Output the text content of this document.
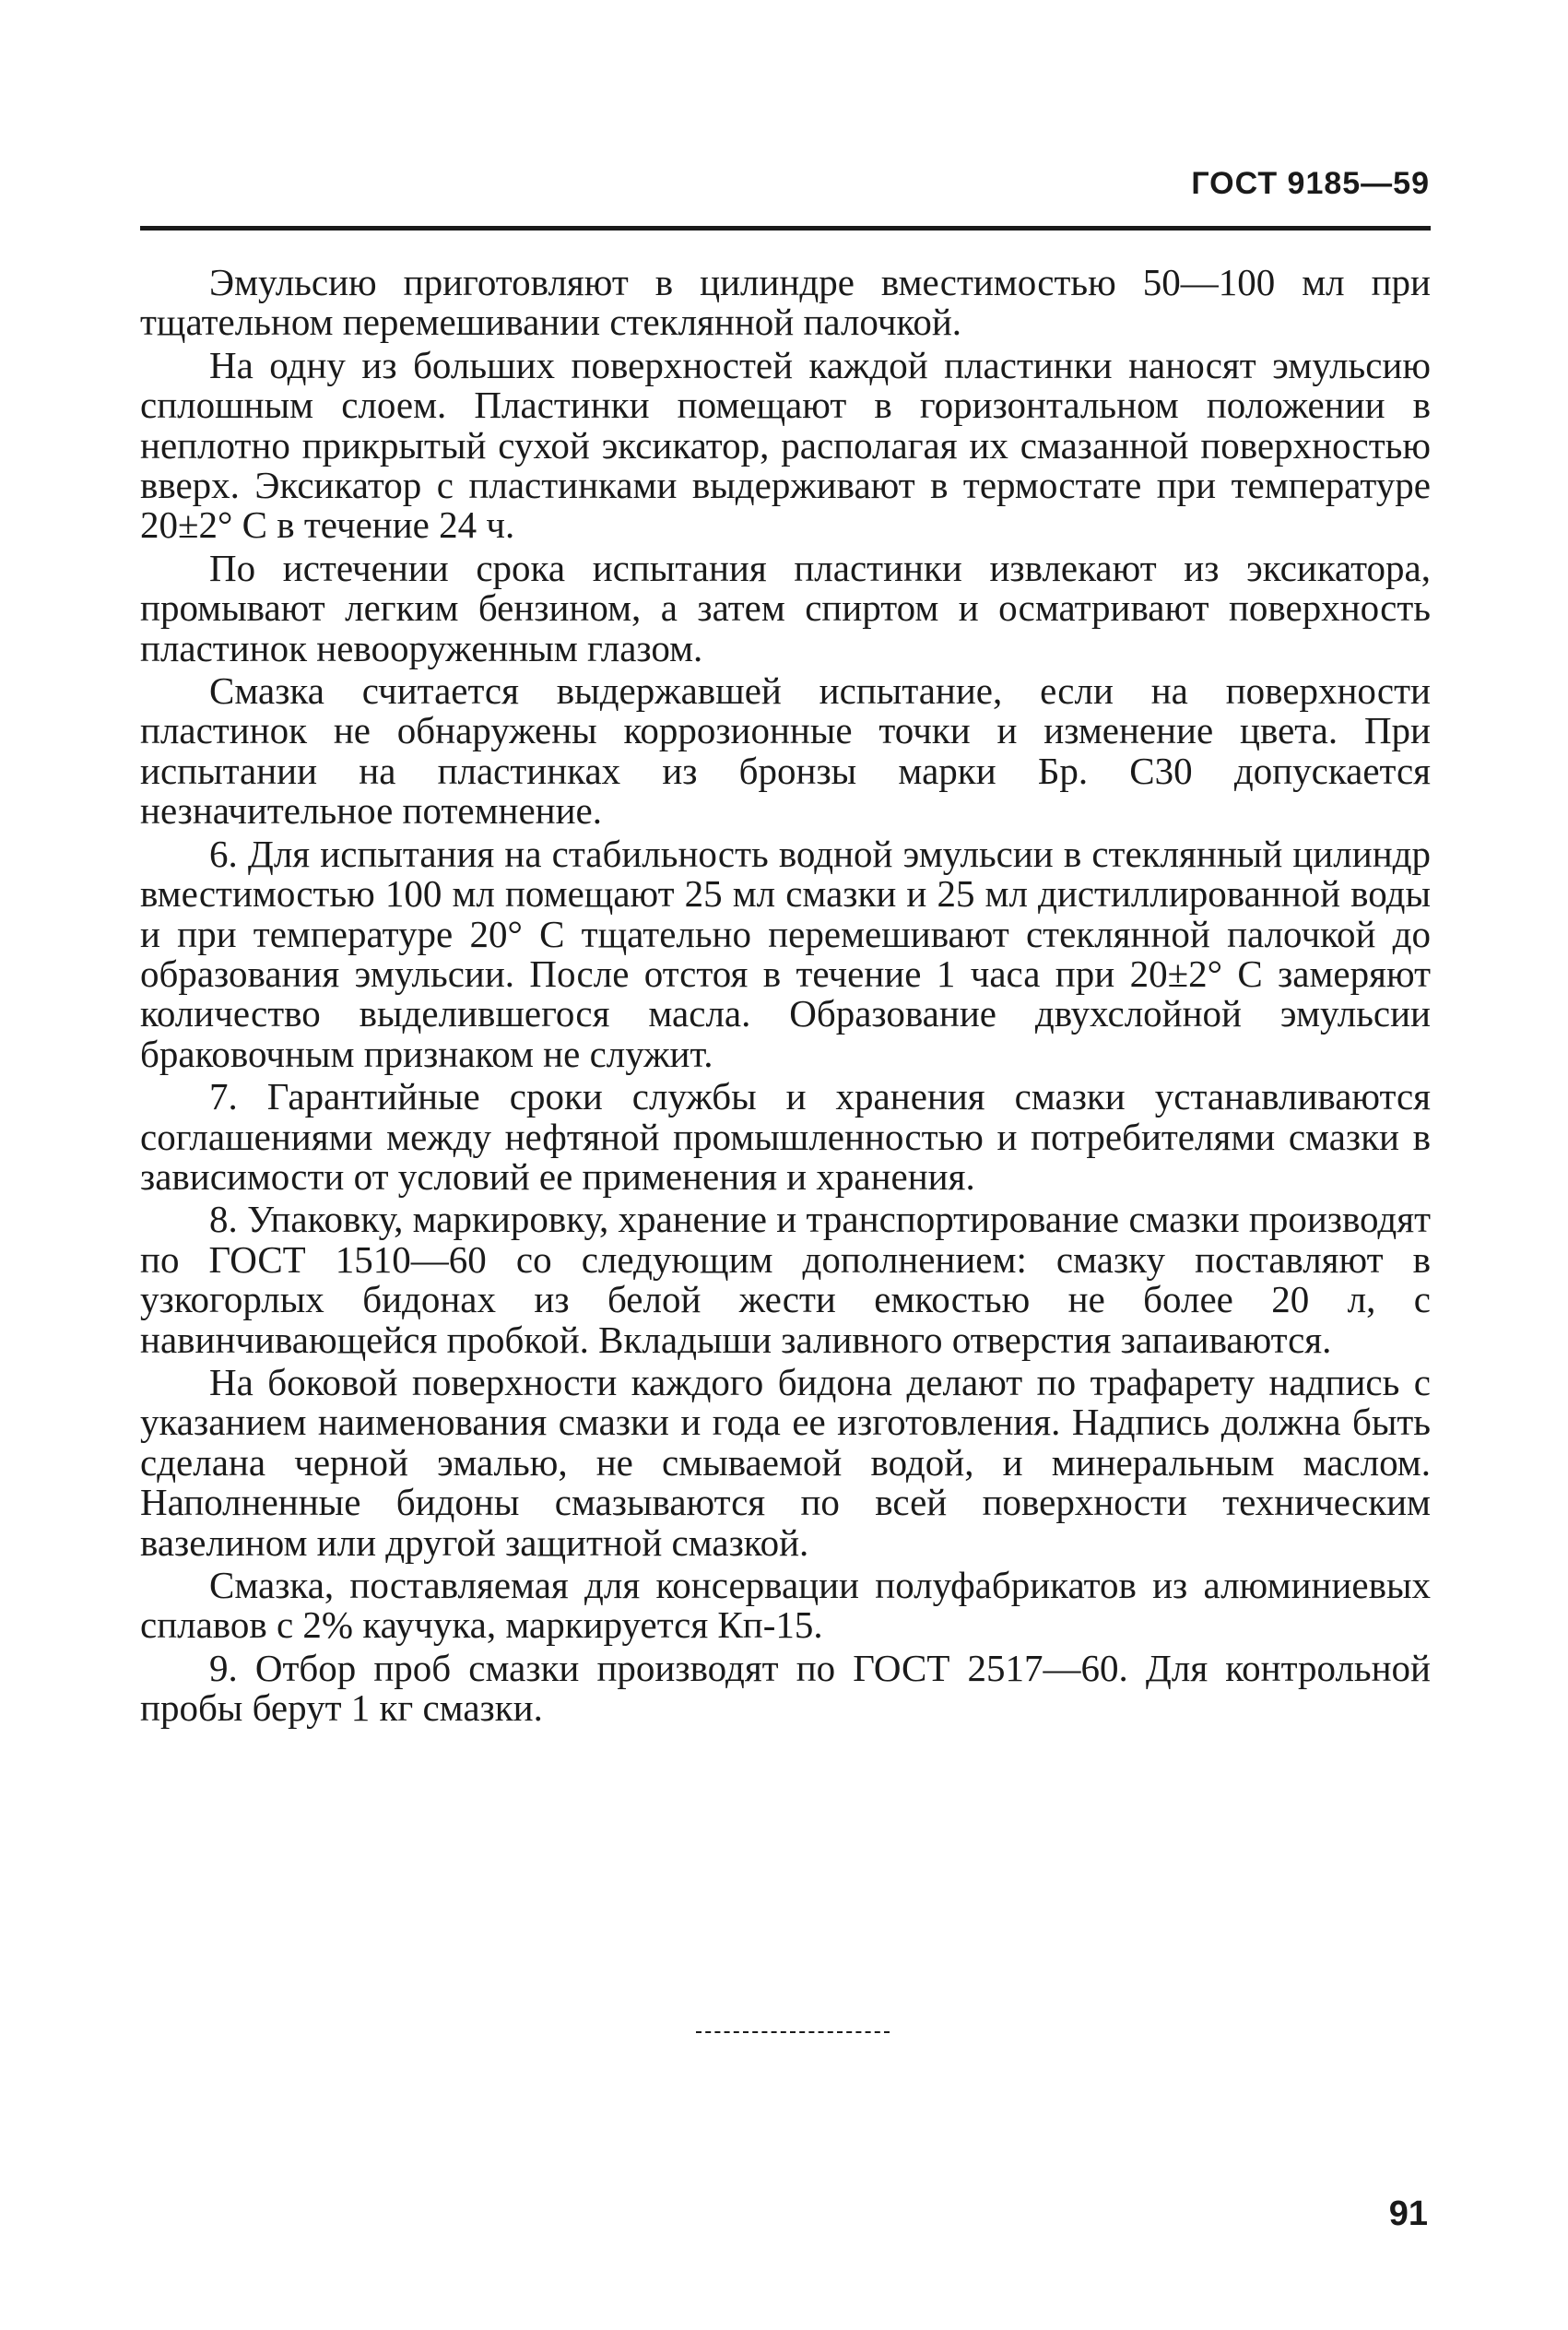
ГОСТ 9185—59

Эмульсию приготовляют в цилиндре вместимостью 50—100 мл при тщательном перемешивании стеклянной палочкой.

На одну из больших поверхностей каждой пластинки наносят эмульсию сплошным слоем. Пластинки помещают в горизонтальном положении в неплотно прикрытый сухой эксикатор, располагая их смазанной поверхностью вверх. Эксикатор с пластинками выдерживают в термостате при температуре 20±2° С в течение 24 ч.

По истечении срока испытания пластинки извлекают из эксикатора, промывают легким бензином, а затем спиртом и осматривают поверхность пластинок невооруженным глазом.

Смазка считается выдержавшей испытание, если на поверхности пластинок не обнаружены коррозионные точки и изменение цвета. При испытании на пластинках из бронзы марки Бр. С30 допускается незначительное потемнение.

6. Для испытания на стабильность водной эмульсии в стеклянный цилиндр вместимостью 100 мл помещают 25 мл смазки и 25 мл дистиллированной воды и при температуре 20° С тщательно перемешивают стеклянной палочкой до образования эмульсии. После отстоя в течение 1 часа при 20±2° С замеряют количество выделившегося масла. Образование двухслойной эмульсии браковочным признаком не служит.

7. Гарантийные сроки службы и хранения смазки устанавливаются соглашениями между нефтяной промышленностью и потребителями смазки в зависимости от условий ее применения и хранения.

8. Упаковку, маркировку, хранение и транспортирование смазки производят по ГОСТ 1510—60 со следующим дополнением: смазку поставляют в узкогорлых бидонах из белой жести емкостью не более 20 л, с навинчивающейся пробкой. Вкладыши заливного отверстия запаиваются.

На боковой поверхности каждого бидона делают по трафарету надпись с указанием наименования смазки и года ее изготовления. Надпись должна быть сделана черной эмалью, не смываемой водой, и минеральным маслом. Наполненные бидоны смазываются по всей поверхности техническим вазелином или другой защитной смазкой.

Смазка, поставляемая для консервации полуфабрикатов из алюминиевых сплавов с 2% каучука, маркируется Кп-15.

9. Отбор проб смазки производят по ГОСТ 2517—60. Для контрольной пробы берут 1 кг смазки.

91
